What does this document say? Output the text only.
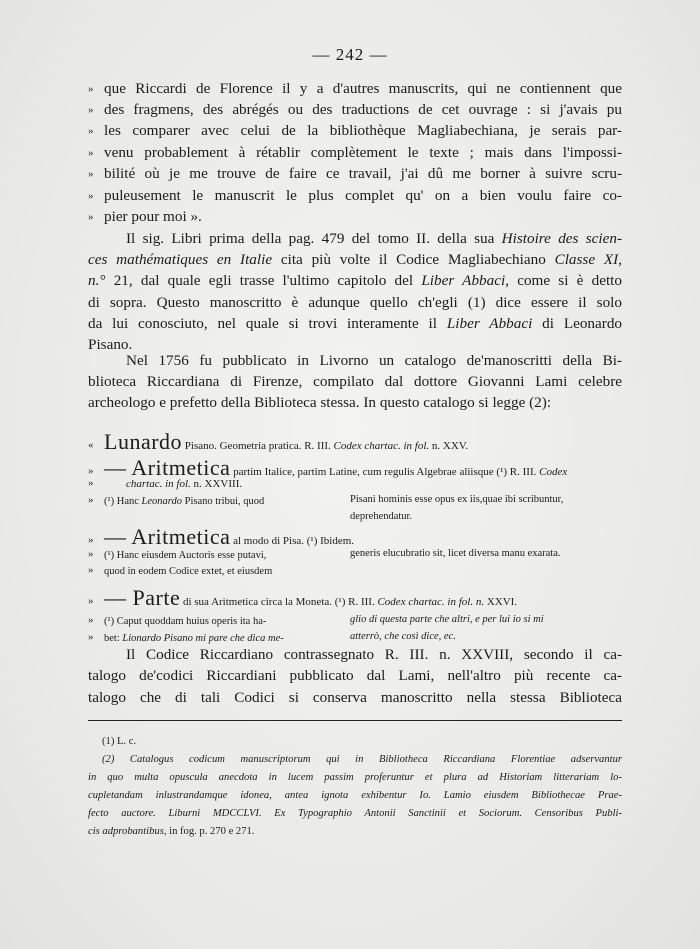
— 242 —
» que Riccardi de Florence il y a d'autres manuscrits, qui ne contiennent que
» des fragmens, des abrégés ou des traductions de cet ouvrage : si j'avais pu
» les comparer avec celui de la bibliothèque Magliabechiana, je serais par-
» venu probablement à rétablir complètement le texte ; mais dans l'impossi-
» bilité où je me trouve de faire ce travail, j'ai dû me borner à suivre scru-
» puleusement le manuscrit le plus complet qu' on a bien voulu faire co-
» pier pour moi ».
Il sig. Libri prima della pag. 479 del tomo II. della sua Histoire des scien-
ces mathématiques en Italie cita più volte il Codice Magliabechiano Classe XI,
n.° 21, dal quale egli trasse l'ultimo capitolo del Liber Abbaci, come si è detto
di sopra. Questo manoscritto è adunque quello ch'egli (1) dice essere il solo
da lui conosciuto, nel quale si trovi interamente il Liber Abbaci di Leonardo
Pisano.
Nel 1756 fu pubblicato in Livorno un catalogo de'manoscritti della Bi-
blioteca Riccardiana di Firenze, compilato dal dottore Giovanni Lami celebre
archeologo e prefetto della Biblioteca stessa. In questo catalogo si legge (2):
« Lunardo Pisano. Geometria pratica. R. III. Codex chartac. in fol. n. XXV.
» — Aritmetica partim Italice, partim Latine, cum regulis Algebrae aliisque (¹) R. III. Codex
»	chartac. in fol. n. XXVIII.
» (¹) Hanc Leonardo Pisano tribui, quod	Pisani hominis esse opus ex iis,quae ibi scribuntur,
deprehendatur.
» — Aritmetica al modo di Pisa. (¹) Ibidem.
» (¹) Hanc eiusdem Auctoris esse putavi,
» quod in eodem Codice extet, et eiusdem
generis elucubratio sit, licet diversa manu exarata.
» — Parte di sua Aritmetica circa la Moneta. (¹) R. III. Codex chartac. in fol. n. XXVI.
» (¹) Caput quoddam huius operis ita ha-
» bet: Lionardo Pisano mi pare che dica me-
glio di questa parte che altri, e per lui io si mi
atterrò, che così dice, ec.
Il Codice Riccardiano contrassegnato R. III. n. XXVIII, secondo il ca-
talogo de'codici Riccardiani pubblicato dal Lami, nell'altro più recente ca-
talogo che di tali Codici si conserva manoscritto nella stessa Biblioteca
(1) L. c.
(2) Catalogus codicum manuscriptorum qui in Bibliotheca Riccardiana Florentiae adservantur
in quo multa opuscula anecdota in lucem passim proferuntur et plura ad Historiam litterariam lo-
cupletandam inlustrandamque idonea, antea ignota exhibentur Io. Lamio eiusdem Bibliothecae Prae-
fecto auctore. Liburni MDCCLVI. Ex Typographio Antonii Sanctinii et Sociorum. Censoribus Publi-
cis adprobantibus, in fog. p. 270 e 271.
